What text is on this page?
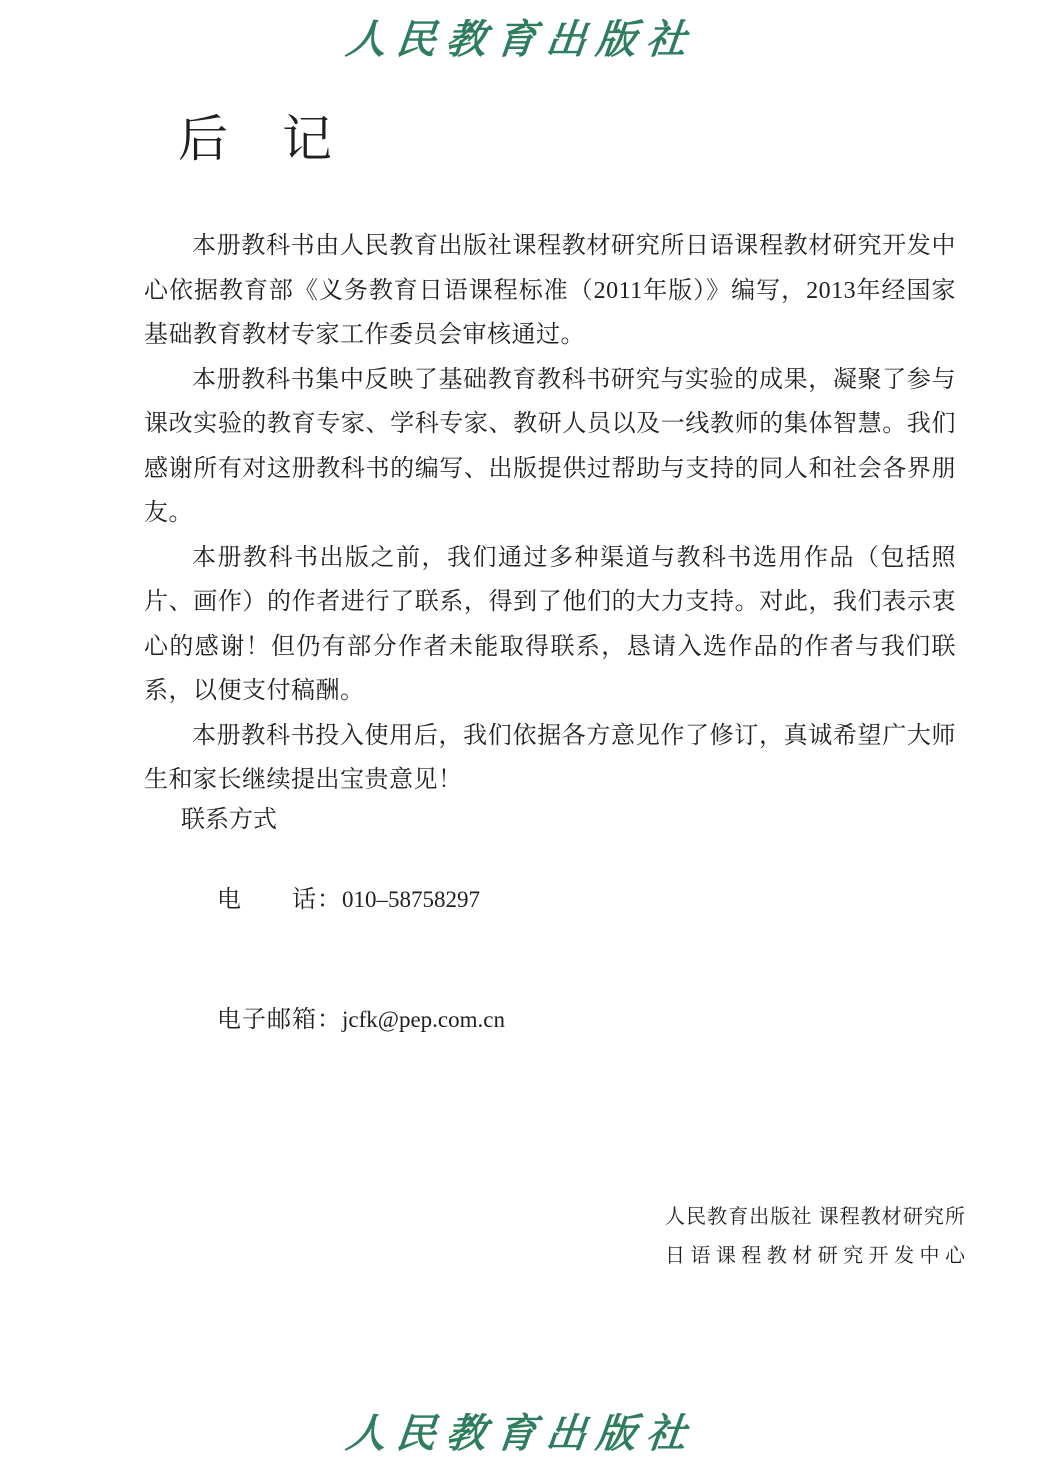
人民教育出版社
后　记

本册教科书由人民教育出版社课程教材研究所日语课程教材研究开发中心依据教育部《义务教育日语课程标准（2011年版）》编写，2013年经国家基础教育教材专家工作委员会审核通过。

本册教科书集中反映了基础教育教科书研究与实验的成果，凝聚了参与课改实验的教育专家、学科专家、教研人员以及一线教师的集体智慧。我们感谢所有对这册教科书的编写、出版提供过帮助与支持的同人和社会各界朋友。

本册教科书出版之前，我们通过多种渠道与教科书选用作品（包括照片、画作）的作者进行了联系，得到了他们的大力支持。对此，我们表示衷心的感谢！但仍有部分作者未能取得联系，恳请入选作品的作者与我们联系，以便支付稿酬。

本册教科书投入使用后，我们依据各方意见作了修订，真诚希望广大师生和家长继续提出宝贵意见！

联系方式

电　　话：010–58758297

电子邮箱：jcfk@pep.com.cn

人民教育出版社 课程教材研究所
日语课程教材研究开发中心
人民教育出版社
